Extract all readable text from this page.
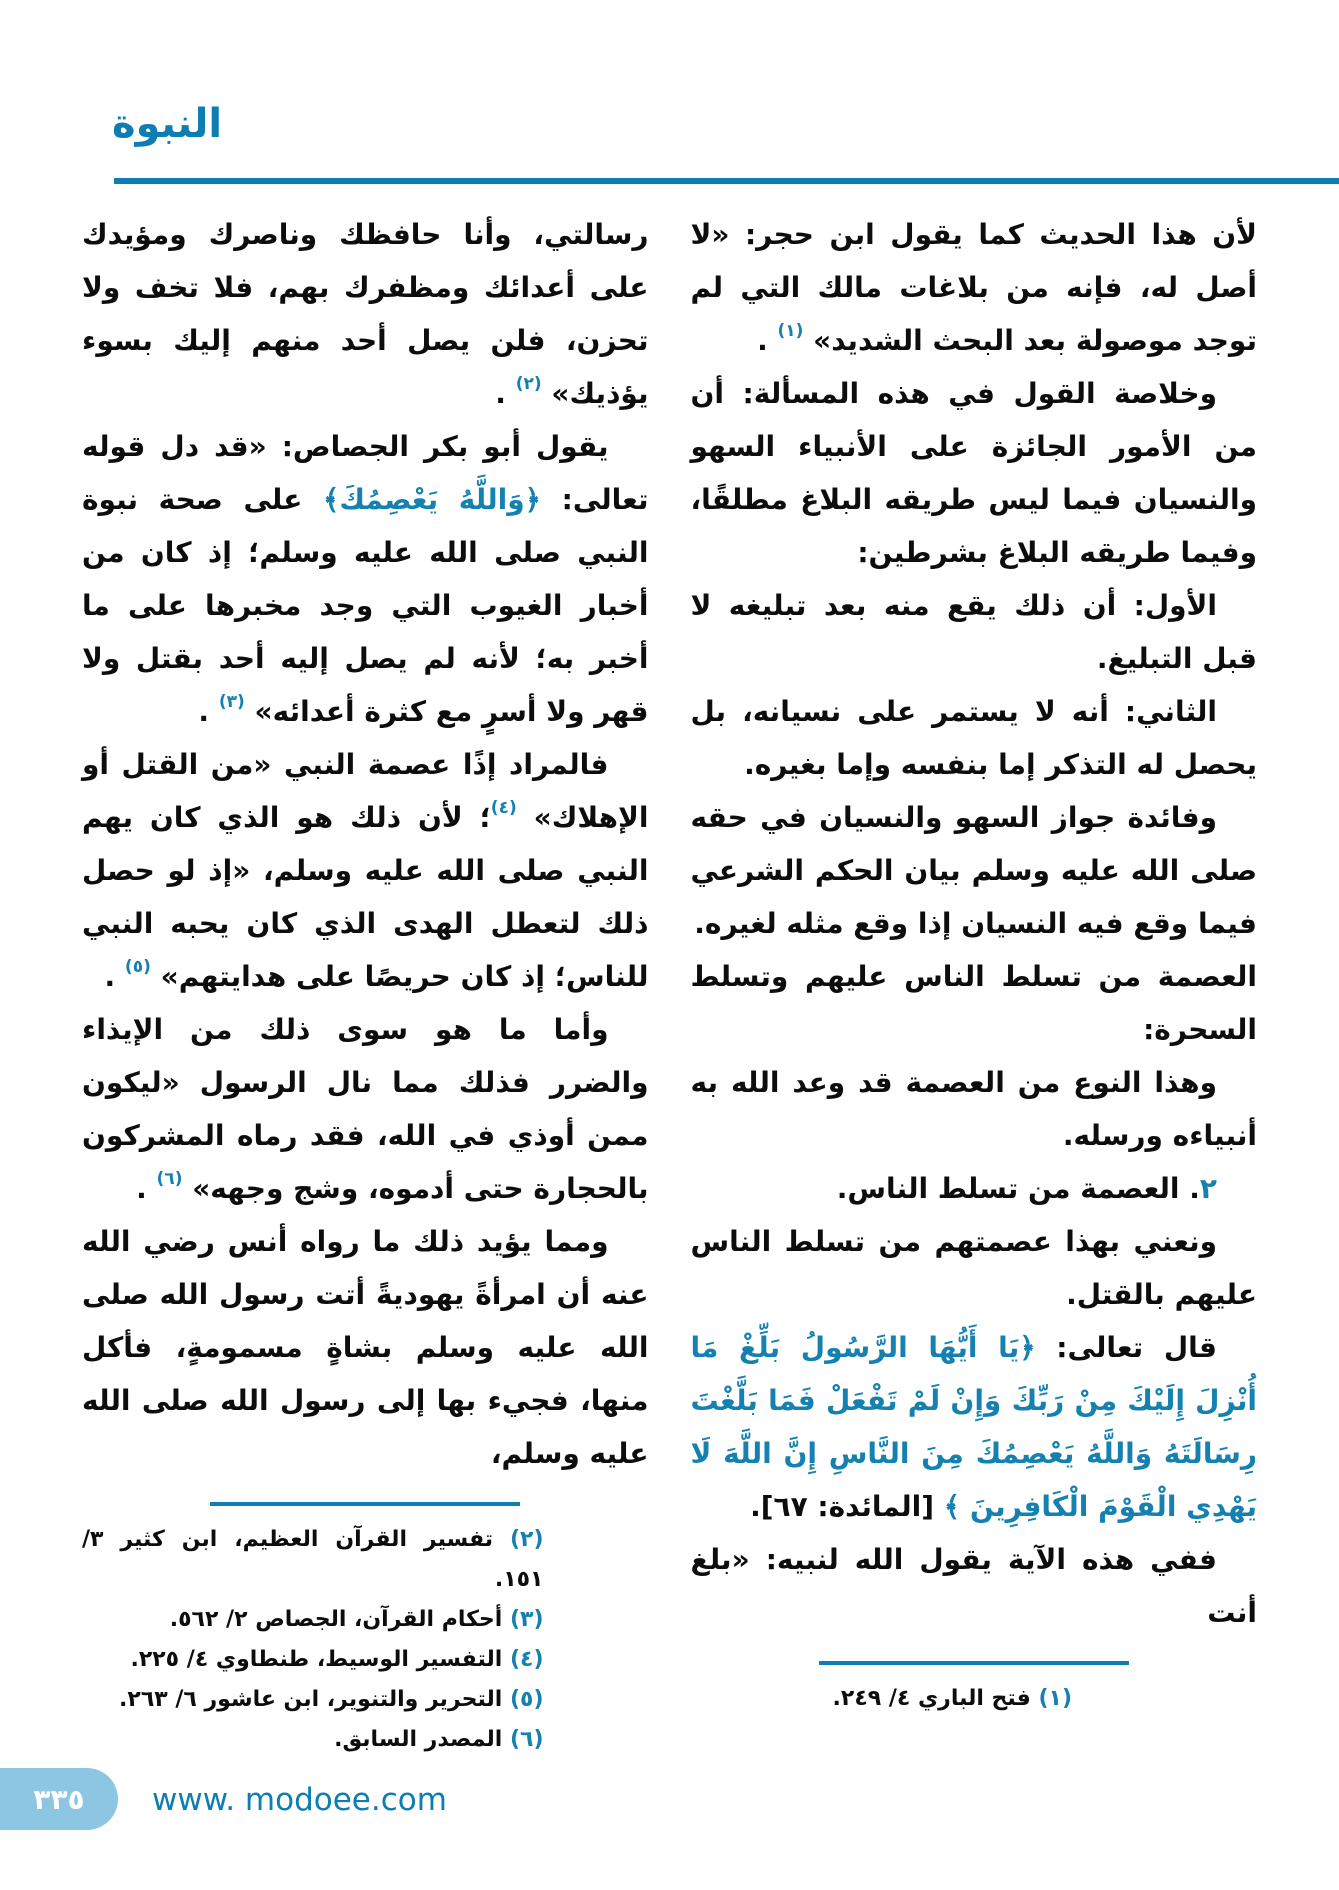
النبوة

لأن هذا الحديث كما يقول ابن حجر: «لا أصل له، فإنه من بلاغات مالك التي لم توجد موصولة بعد البحث الشديد» $^{(١)}$ .

وخلاصة القول في هذه المسألة: أن من الأمور الجائزة على الأنبياء السهو والنسيان فيما ليس طريقه البلاغ مطلقًا، وفيما طريقه البلاغ بشرطين:

الأول: أن ذلك يقع منه بعد تبليغه لا قبل التبليغ.

الثاني: أنه لا يستمر على نسيانه، بل يحصل له التذكر إما بنفسه وإما بغيره.

وفائدة جواز السهو والنسيان في حقه صلى الله عليه وسلم بيان الحكم الشرعي فيما وقع فيه النسيان إذا وقع مثله لغيره.

العصمة من تسلط الناس عليهم وتسلط السحرة:

وهذا النوع من العصمة قد وعد الله به أنبياءه ورسله.

٢. العصمة من تسلط الناس.

ونعني بهذا عصمتهم من تسلط الناس عليهم بالقتل.

قال تعالى: ﴿يَا أَيُّهَا الرَّسُولُ بَلِّغْ مَا أُنْزِلَ إِلَيْكَ مِنْ رَبِّكَ وَإِنْ لَمْ تَفْعَلْ فَمَا بَلَّغْتَ رِسَالَتَهُ وَاللَّهُ يَعْصِمُكَ مِنَ النَّاسِ إِنَّ اللَّهَ لَا يَهْدِي الْقَوْمَ الْكَافِرِينَ ﴾ [المائدة: ٦٧].

ففي هذه الآية يقول الله لنبيه: «بلغ أنت

(١) فتح الباري ٤/ ٢٤٩.

رسالتي، وأنا حافظك وناصرك ومؤيدك على أعدائك ومظفرك بهم، فلا تخف ولا تحزن، فلن يصل أحد منهم إليك بسوء يؤذيك» $^{(٢)}$ .

يقول أبو بكر الجصاص: «قد دل قوله تعالى: ﴿وَاللَّهُ يَعْصِمُكَ﴾ على صحة نبوة النبي صلى الله عليه وسلم؛ إذ كان من أخبار الغيوب التي وجد مخبرها على ما أخبر به؛ لأنه لم يصل إليه أحد بقتل ولا قهر ولا أسرٍ مع كثرة أعدائه» $^{(٣)}$ .

فالمراد إذًا عصمة النبي «من القتل أو الإهلاك» $^{(٤)}$؛ لأن ذلك هو الذي كان يهم النبي صلى الله عليه وسلم، «إذ لو حصل ذلك لتعطل الهدى الذي كان يحبه النبي للناس؛ إذ كان حريصًا على هدايتهم» $^{(٥)}$ .

وأما ما هو سوى ذلك من الإيذاء والضرر فذلك مما نال الرسول «ليكون ممن أوذي في الله، فقد رماه المشركون بالحجارة حتى أدموه، وشج وجهه» $^{(٦)}$ .

ومما يؤيد ذلك ما رواه أنس رضي الله عنه أن امرأةً يهوديةً أتت رسول الله صلى الله عليه وسلم بشاةٍ مسمومةٍ، فأكل منها، فجيء بها إلى رسول الله صلى الله عليه وسلم،

(٢) تفسير القرآن العظيم، ابن كثير ٣/ ١٥١.
(٣) أحكام القرآن، الجصاص ٢/ ٥٦٢.
(٤) التفسير الوسيط، طنطاوي ٤/ ٢٢٥.
(٥) التحرير والتنوير، ابن عاشور ٦/ ٢٦٣.
(٦) المصدر السابق.
٣٣٥ www. modoee.com
